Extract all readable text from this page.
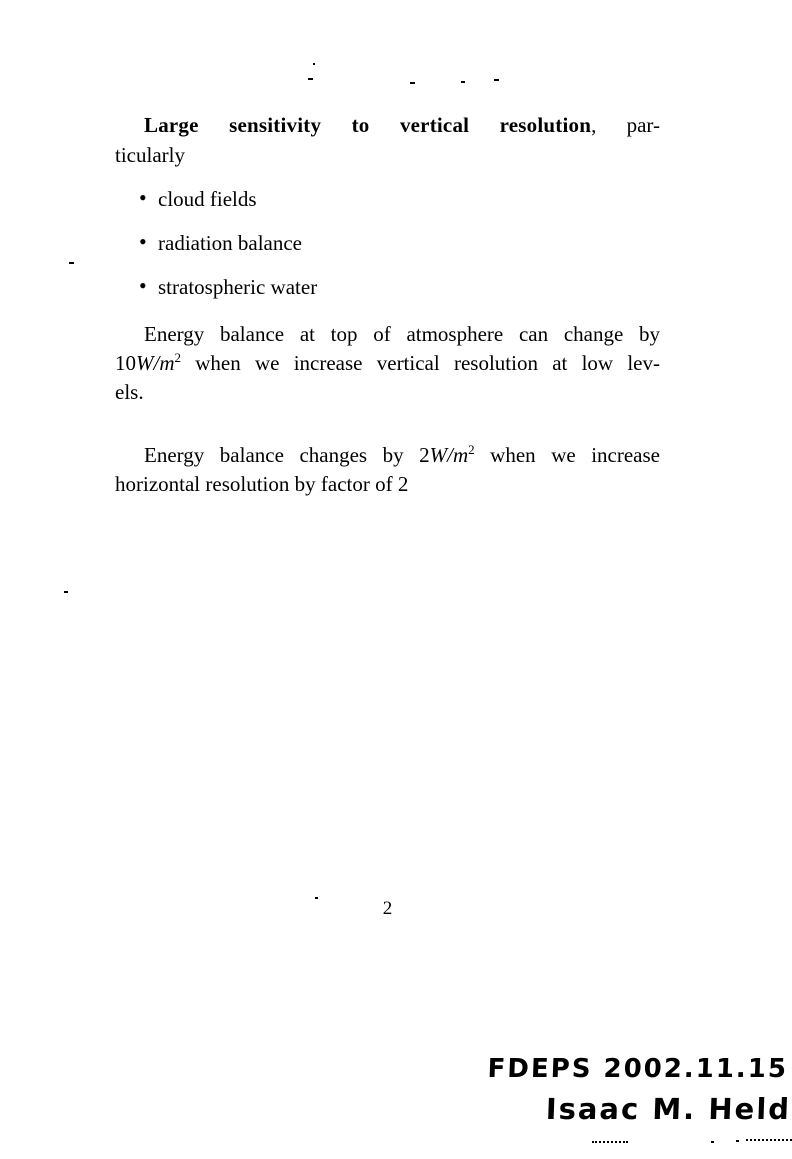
Large sensitivity to vertical resolution, par-
ticularly
• cloud fields
• radiation balance
• stratospheric water
Energy balance at top of atmosphere can change by
$10W/m^2$ when we increase vertical resolution at low lev-
els.
Energy balance changes by $2W/m^2$ when we increase
horizontal resolution by factor of 2
2
FDEPS 2002.11.15
Isaac M. Held
